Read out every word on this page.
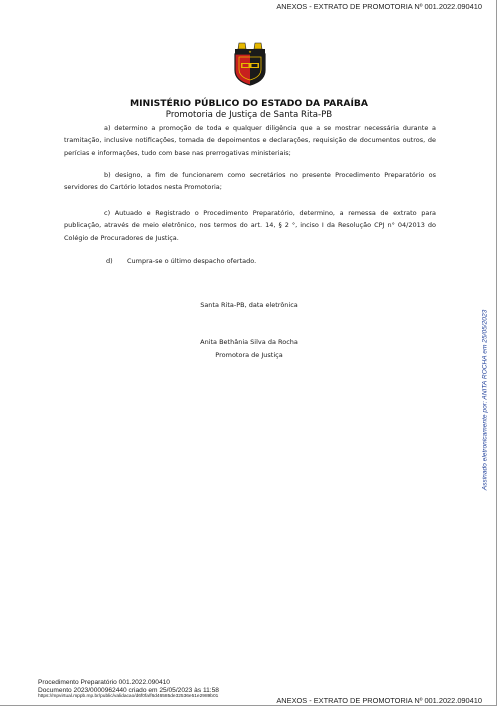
ANEXOS - EXTRATO DE PROMOTORIA Nº 001.2022.090410
★
MINISTÉRIO PÚBLICO DO ESTADO DA PARAÍBA
Promotoria de Justiça de Santa Rita-PB

a) determino a promoção de toda e qualquer diligência que a se mostrar necessária durante a tramitação, inclusive notificações, tomada de depoimentos e declarações, requisição de documentos outros, de perícias e informações, tudo com base nas prerrogativas ministeriais;

b) designo, a fim de funcionarem como secretários no presente Procedimento Preparatório os servidores do Cartório lotados nesta Promotoria;

c) Autuado e Registrado o Procedimento Preparatório, determino, a remessa de extrato para publicação, através de meio eletrônico, nos termos do art. 14, § 2 °, inciso I da Resolução CPJ n° 04/2013 do Colégio de Procuradores de Justiça.

d) Cumpra-se o último despacho ofertado.
Santa Rita-PB, data eletrônica
Anita Bethânia Silva da Rocha
Promotora de Justiça	Assinado eletronicamente por: ANITA ROCHA em 25/05/2023
Procedimento Preparatório 001.2022.090410
Documento 2023/0000962440 criado em 25/05/2023 às 11:58
https://mpvirtual.mppb.mp.br/public/validacao/d6f0fa/f6d46585de32536e51e2989b01	ANEXOS - EXTRATO DE PROMOTORIA Nº 001.2022.090410
